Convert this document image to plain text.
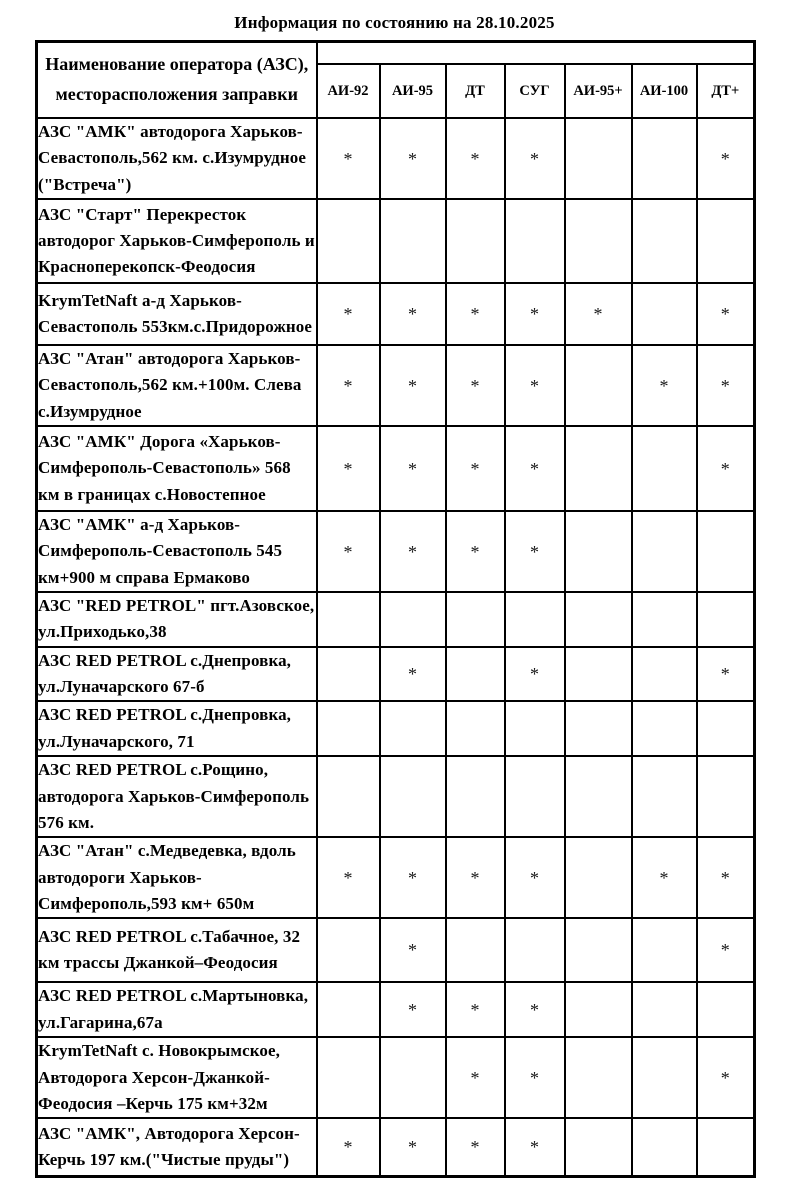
Информация по состоянию на 28.10.2025
Наименование оператора (АЗС), месторасположения заправки							
	АИ-92	АИ-95	ДТ	СУГ	АИ-95+	АИ-100	ДТ+
АЗС "АМК" автодорога Харьков-Севастополь,562 км. с.Изумрудное ("Встреча")	*	*	*	*			*
АЗС "Старт" Перекресток автодорог Харьков-Симферополь и Красноперекопск-Феодосия							
KrymTetNaft а-д Харьков-Севастополь 553км.с.Придорожное	*	*	*	*	*		*
АЗС "Атан" автодорога Харьков-Севастополь,562 км.+100м. Слева с.Изумрудное	*	*	*	*		*	*
АЗС "АМК" Дорога «Харьков-Симферополь-Севастополь» 568 км в границах с.Новостепное	*	*	*	*			*
АЗС "АМК" а-д Харьков-Симферополь-Севастополь 545 км+900 м справа Ермаково	*	*	*	*			
АЗС "RED PETROL" пгт.Азовское, ул.Приходько,38							
АЗС RED PETROL с.Днепровка, ул.Луначарского 67-б		*		*			*
АЗС RED PETROL с.Днепровка, ул.Луначарского, 71							
АЗС RED PETROL с.Рощино, автодорога Харьков-Симферополь 576 км.							
АЗС "Атан" с.Медведевка, вдоль автодороги Харьков-Симферополь,593 км+ 650м	*	*	*	*		*	*
АЗС RED PETROL с.Табачное, 32 км трассы Джанкой–Феодосия		*					*
АЗС RED PETROL с.Мартыновка, ул.Гагарина,67а		*	*	*			
KrymTetNaft с. Новокрымское, Автодорога Херсон-Джанкой-Феодосия –Керчь 175 км+32м			*	*			*
АЗС "АМК", Автодорога Херсон-Керчь 197 км.("Чистые пруды")	*	*	*	*			
